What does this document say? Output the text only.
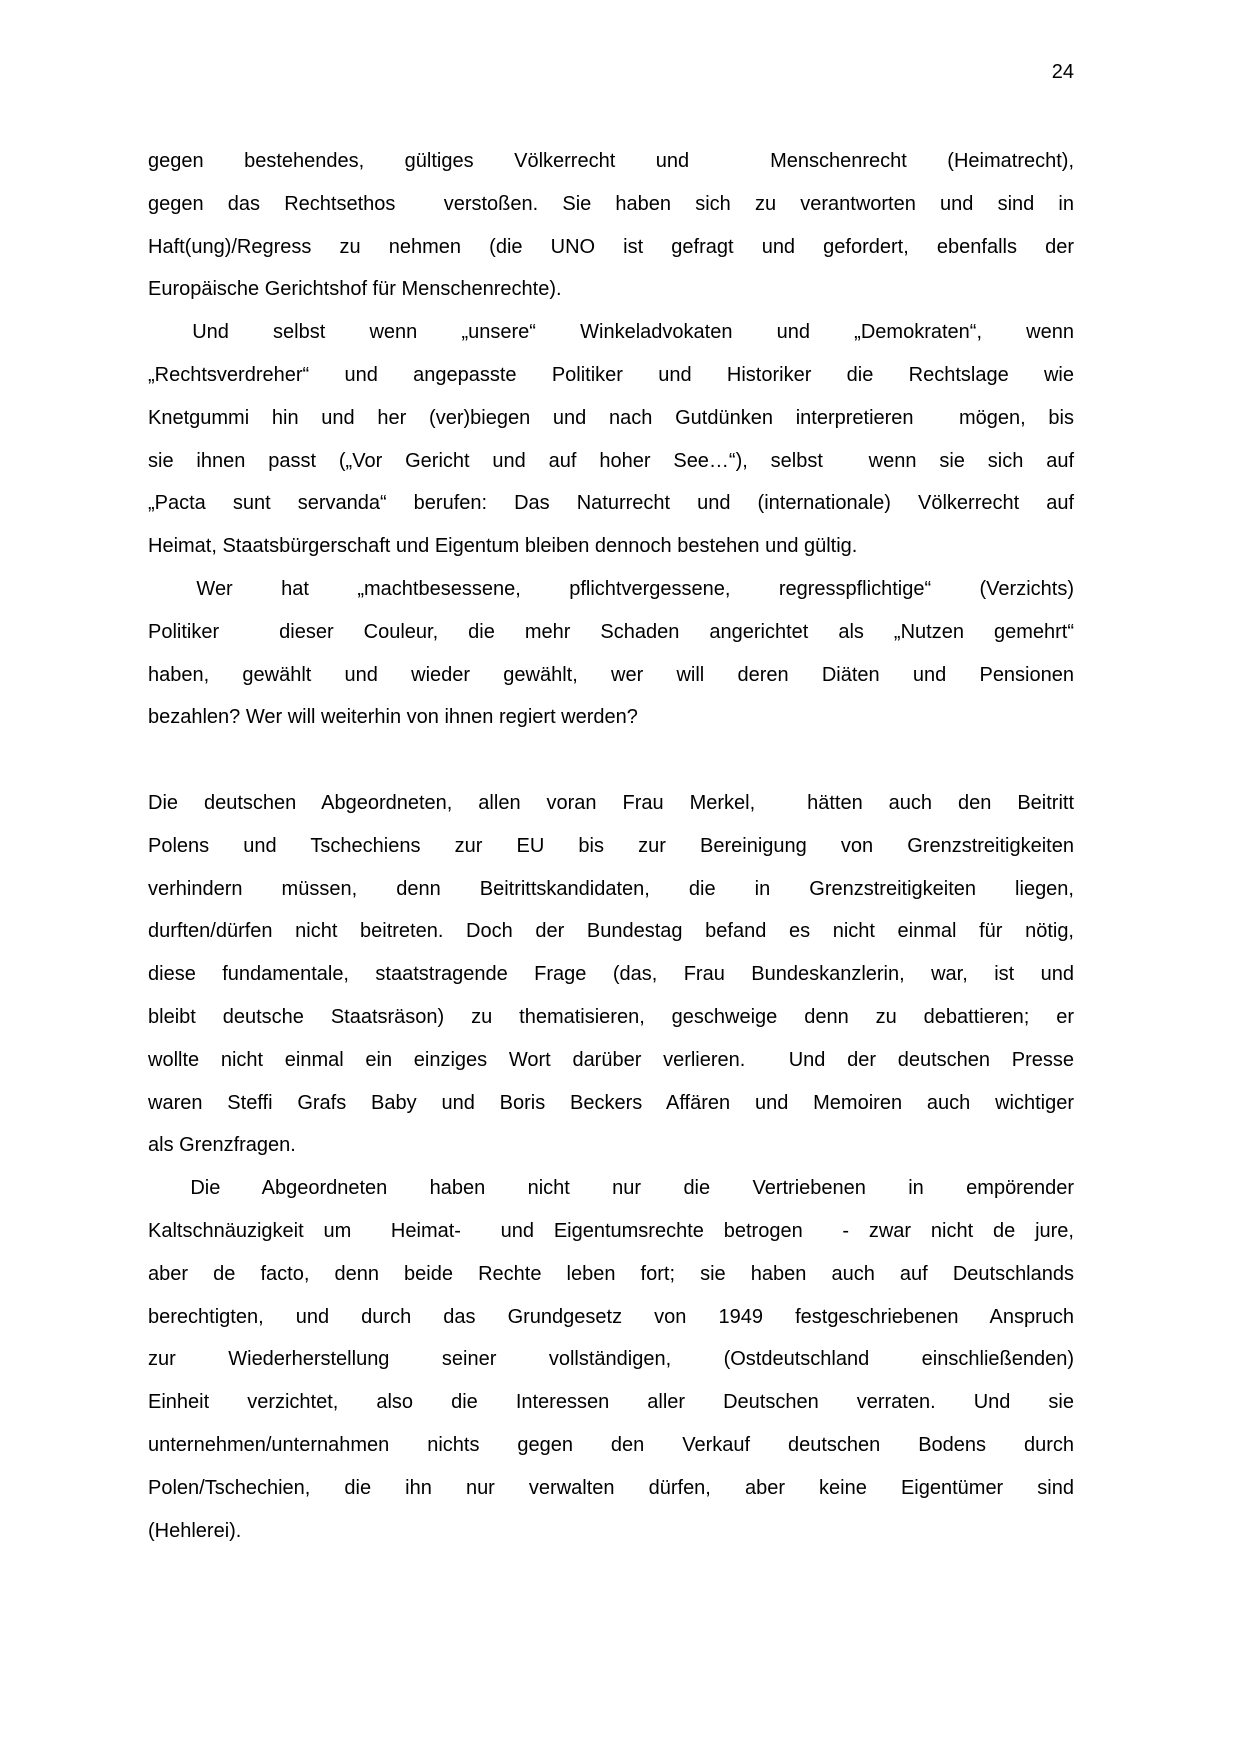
24
gegen bestehendes, gültiges Völkerrecht und  Menschenrecht (Heimatrecht),
gegen das Rechtsethos  verstoßen. Sie haben sich zu verantworten und sind in
Haft(ung)/Regress zu nehmen (die UNO ist gefragt und gefordert, ebenfalls der
Europäische Gerichtshof für Menschenrechte).
Und selbst wenn „unsere“ Winkeladvokaten und „Demokraten“, wenn
„Rechtsverdreher“ und angepasste Politiker und Historiker die Rechtslage wie
Knetgummi hin und her (ver)biegen und nach Gutdünken interpretieren  mögen, bis
sie ihnen passt („Vor Gericht und auf hoher See…“), selbst  wenn sie sich auf
„Pacta sunt servanda“ berufen: Das Naturrecht und (internationale) Völkerrecht auf
Heimat, Staatsbürgerschaft und Eigentum bleiben dennoch bestehen und gültig.
Wer hat „machtbesessene, pflichtvergessene, regresspflichtige“ (Verzichts)
Politiker  dieser Couleur, die mehr Schaden angerichtet als „Nutzen gemehrt“
haben, gewählt und wieder gewählt, wer will deren Diäten und Pensionen
bezahlen? Wer will weiterhin von ihnen regiert werden?
Die deutschen Abgeordneten, allen voran Frau Merkel,  hätten auch den Beitritt
Polens und Tschechiens zur EU bis zur Bereinigung von Grenzstreitigkeiten
verhindern müssen, denn Beitrittskandidaten, die in Grenzstreitigkeiten liegen,
durften/dürfen nicht beitreten. Doch der Bundestag befand es nicht einmal für nötig,
diese fundamentale, staatstragende Frage (das, Frau Bundeskanzlerin, war, ist und
bleibt deutsche Staatsräson) zu thematisieren, geschweige denn zu debattieren; er
wollte nicht einmal ein einziges Wort darüber verlieren.  Und der deutschen Presse
waren Steffi Grafs Baby und Boris Beckers Affären und Memoiren auch wichtiger
als Grenzfragen.
Die Abgeordneten haben nicht nur die Vertriebenen in empörender
Kaltschnäuzigkeit um  Heimat-  und Eigentumsrechte betrogen  - zwar nicht de jure,
aber de facto, denn beide Rechte leben fort; sie haben auch auf Deutschlands
berechtigten, und durch das Grundgesetz von 1949 festgeschriebenen Anspruch
zur Wiederherstellung seiner vollständigen, (Ostdeutschland einschließenden)
Einheit verzichtet, also die Interessen aller Deutschen verraten. Und sie
unternehmen/unternahmen nichts gegen den Verkauf deutschen Bodens durch
Polen/Tschechien, die ihn nur verwalten dürfen, aber keine Eigentümer sind
(Hehlerei).
